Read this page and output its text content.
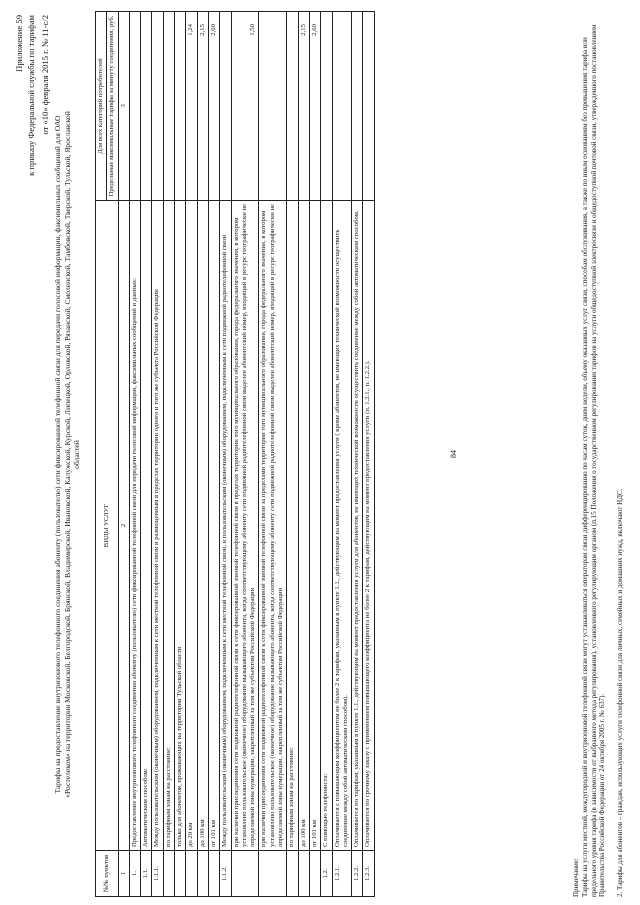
Приложение 59 к приказу Федеральной службы по тарифам от «10» февраля 2015 г. № 11-с/2
Тарифы на предоставление внутризонового телефонного соединения абоненту (пользователю) сети фиксированной телефонной связи для передачи голосовой информации, факсимильных сообщений для ОАО «Ростелеком» на территории Московской, Белгородской, Брянской, Владимирской, Ивановской, Калужской, Курской, Липецкой, Орловской, Рязанской, Смоленской, Тамбовской, Тверской, Тульской, Ярославской областей
№№ пунктов	ВИДЫ УСЛУГ	Для всех категорий потребителей
		Предельные максимальные тарифы за минуту соединения, руб.
1	2	3
1.	Предоставление внутризонового телефонного соединения абоненту (пользователю) сети фиксированной телефонной связи для передачи голосовой информации, факсимильных сообщений и данных:	
1.1.	Автоматическим способом:	
1.1.1.	Между пользовательским (оконечным) оборудованием, подключенным к сети местной телефонной связи и размещенным в пределах территории одного и того же субъекта Российской Федерации	
	по тарифным зонам на расстояние:	
	только для абонентов, проживающих на территории Тульской области	
	до 20 км	1,24
	до 100 км	2,15
	от 101 км	2,60
1.1.2.	Между пользовательским (оконечным) оборудованием, подключенным к сети местной телефонной связи, и пользовательским (оконечным) оборудованием, подключенным к сети подвижной радиотелефонной связи	
	при наличии присоединения сети подвижной радиотелефонной связи к сети фиксированной зоновой телефонной связи в пределах территории того муниципального образования, города федерального значения, в котором установлено пользовательское (оконечное) оборудование вызывающего абонента, когда соответствующему абоненту сети подвижной радиотелефонной связи выделен абонентский номер, входящий в ресурс географически не определяемой зоны нумерации, закрепленный за тем же субъектом Российской Федерации	1,50
	при наличии присоединения сети подвижной радиотелефонной связи к сети фиксированной зоновой телефонной связи за пределами территории того муниципального образования, города федерального значения, в котором установлено пользовательское (оконечное) оборудование вызывающего абонента, когда соответствующему абоненту сети подвижной радиотелефонной связи выделен абонентский номер, входящий в ресурс географически не определяемой зоны нумерации, закрепленный за тем же субъектом Российской Федерации	
	по тарифным зонам на расстояние:	
	до 100 км	2,15
	от 101 км	2,60
1.2.	С помощью телефониста:	
1.2.1.	Оплачивается с повышающим коэффициентом не более 2 к тарифам, указанным в пункте 1.1., действующим на момент предоставления услуги ( кроме абонентов, не имеющих технической возможности осуществить соединение между собой автоматическим способом).	
1.2.2.	Оплачивается по тарифам, указанным в пункте 1.1., действующим на момент предоставления услуги для абонентов, не имеющих технической возможности осуществить соединение между собой автоматическим способом.	
1.2.3.	Оплачивается по срочному заказу с применением повышающего коэффициента не более 2 к тарифам, действующим на момент предоставления услуги (п. 1.2.1., п. 1.2.2.).	
Примечание: Тарифы на услуги местной, междугородной и внутризоновой телефонной связи могут устанавливаться операторам связи дифференцированно по часам суток, дням недели, объему оказанных услуг связи, способам обслуживания, а также по иным основаниям без превышения тарифа или предельного уровня тарифа (в зависимости от выбранного метода регулирования), установленного регулирующим органом (п.15 Положения о государственном регулировании тарифов на услуги общедоступной электросвязи и общедоступной почтовой связи, утвержденного постановлением Правительства Российской Федерации от 24 октября 2005 г. № 637). 2. Тарифы для абонентов – граждан, использующих услуги телефонной связи для личных, семейных и домашних нужд, включают НДС.
84
